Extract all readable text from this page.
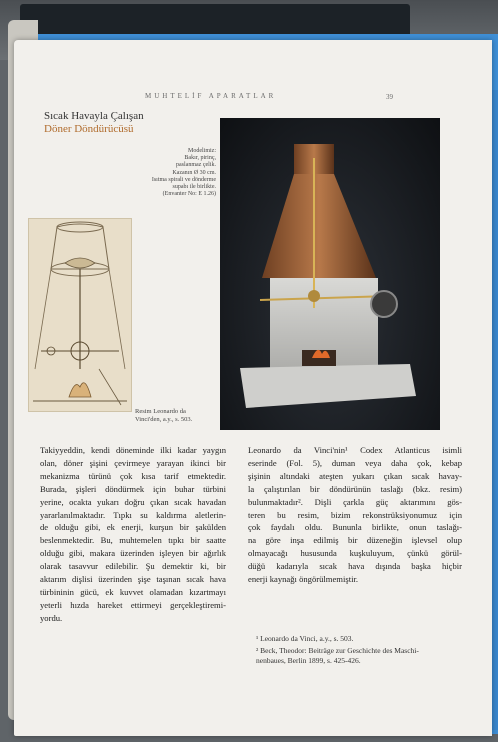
MUHTELİF APARATLAR	39
Sıcak Havayla Çalışan
Döner Döndürücüsü
Modelimiz:
Bakır, pirinç,
paslanmaz çelik.
Kazanın Ø 30 cm.
Isıtma spirali ve dönderme
supabı ile birlikte.
(Envanter No: E 1.26)
Resim Leonardo da
Vinci'den, a.y., s. 503.
Takiyyeddin, kendi döneminde ilki kadar yaygın
olan, döner şişini çevirmeye yarayan ikinci bir
mekanizma türünü çok kısa tarif etmektedir.
Burada, şişleri döndürmek için buhar türbini
yerine, ocakta yukarı doğru çıkan sıcak havadan
yararlanılmaktadır. Tıpkı su kaldırma aletlerin-
de olduğu gibi, ek enerji, kurşun bir şakülden
beslenmektedir. Bu, muhtemelen tıpkı bir saatte
olduğu gibi, makara üzerinden işleyen bir ağırlık
olarak tasavvur edilebilir. Şu demektir ki, bir
aktarım dişlisi üzerinden şişe taşınan sıcak hava
türbininin gücü, ek kuvvet olamadan kızartmayı
yeterli hızda hareket ettirmeyi gerçekleştiremi-
yordu.
Leonardo da Vinci'nin¹ Codex Atlanticus isimli
eserinde (Fol. 5), duman veya daha çok, kebap
şişinin altındaki ateşten yukarı çıkan sıcak havay-
la çalıştırılan bir döndürünün taslağı (bkz. resim)
bulunmaktadır². Dişli çarkla güç aktarımını gös-
teren bu resim, bizim rekonstrüksiyonumuz için
çok faydalı oldu. Bununla birlikte, onun taslağı-
na göre inşa edilmiş bir düzeneğin işlevsel olup
olmayacağı hususunda kuşkuluyum, çünkü görül-
düğü kadarıyla sıcak hava dışında başka hiçbir
enerji kaynağı öngörülmemiştir.
¹ Leonardo da Vinci, a.y., s. 503.
² Beck, Theodor: Beiträge zur Geschichte des Maschi-
nenbaues, Berlin 1899, s. 425-426.
